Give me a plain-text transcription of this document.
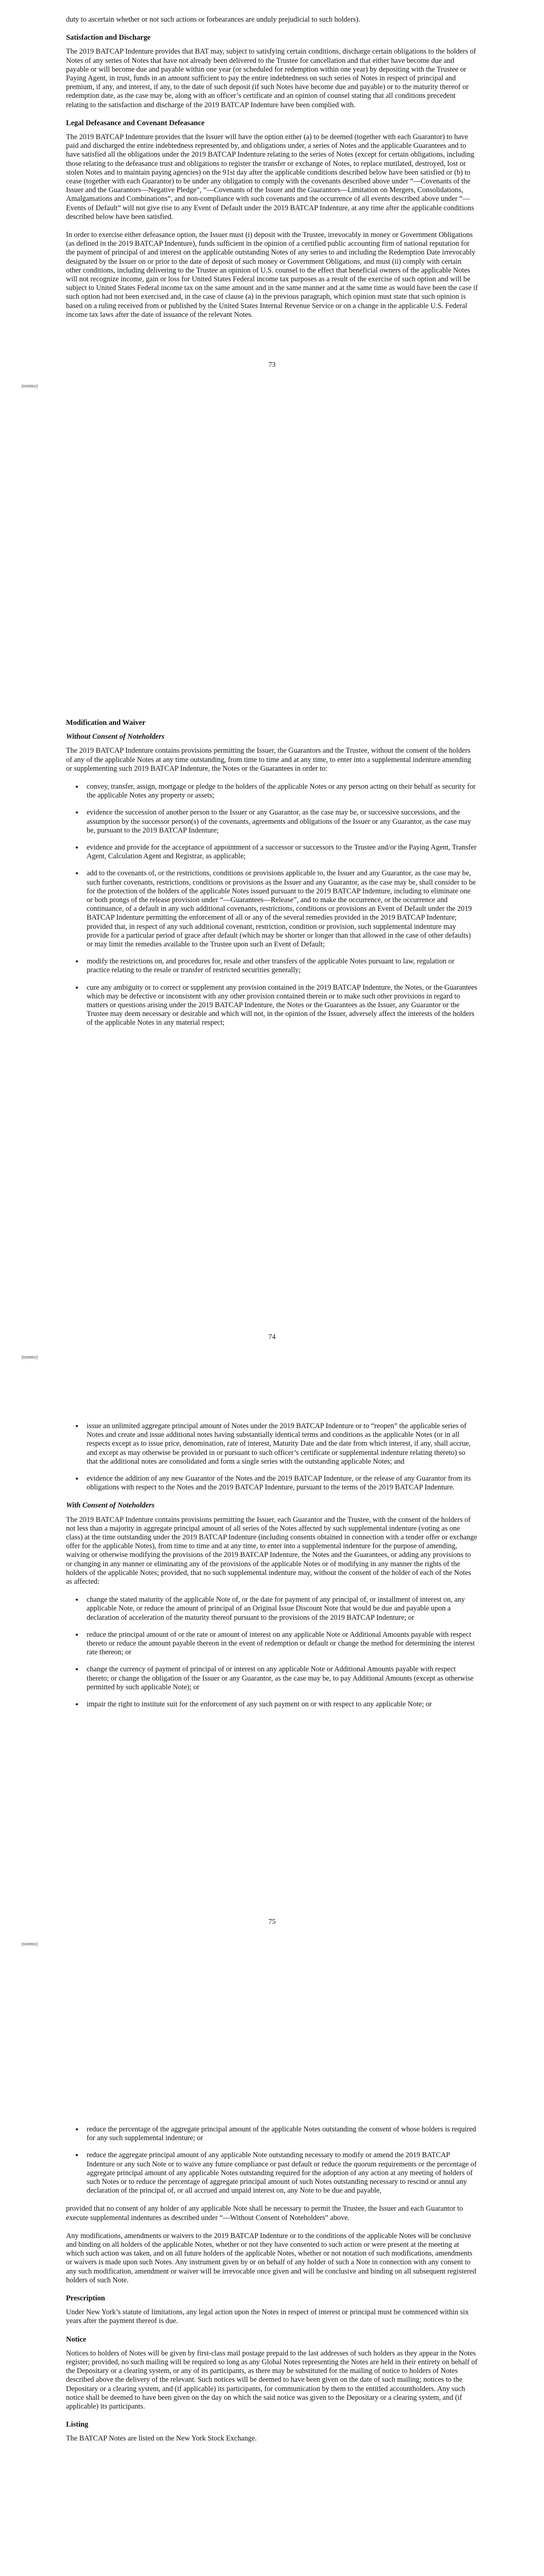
duty to ascertain whether or not such actions or forbearances are unduly prejudicial to such holders).

Satisfaction and Discharge

The 2019 BATCAP Indenture provides that BAT may, subject to satisfying certain conditions, discharge certain obligations to the holders of Notes of any series of Notes that have not already been delivered to the Trustee for cancellation and that either have become due and payable or will become due and payable within one year (or scheduled for redemption within one year) by depositing with the Trustee or Paying Agent, in trust, funds in an amount sufficient to pay the entire indebtedness on such series of Notes in respect of principal and premium, if any, and interest, if any, to the date of such deposit (if such Notes have become due and payable) or to the maturity thereof or redemption date, as the case may be, along with an officer’s certificate and an opinion of counsel stating that all conditions precedent relating to the satisfaction and discharge of the 2019 BATCAP Indenture have been complied with.

Legal Defeasance and Covenant Defeasance

The 2019 BATCAP Indenture provides that the Issuer will have the option either (a) to be deemed (together with each Guarantor) to have paid and discharged the entire indebtedness represented by, and obligations under, a series of Notes and the applicable Guarantees and to have satisfied all the obligations under the 2019 BATCAP Indenture relating to the series of Notes (except for certain obligations, including those relating to the defeasance trust and obligations to register the transfer or exchange of Notes, to replace mutilated, destroyed, lost or stolen Notes and to maintain paying agencies) on the 91st day after the applicable conditions described below have been satisfied or (b) to cease (together with each Guarantor) to be under any obligation to comply with the covenants described above under “—Covenants of the Issuer and the Guarantors—Negative Pledge”, “—Covenants of the Issuer and the Guarantors—Limitation on Mergers, Consolidations, Amalgamations and Combinations”, and non-compliance with such covenants and the occurrence of all events described above under “—Events of Default” will not give rise to any Event of Default under the 2019 BATCAP Indenture, at any time after the applicable conditions described below have been satisfied.

In order to exercise either defeasance option, the Issuer must (i) deposit with the Trustee, irrevocably in money or Government Obligations (as defined in the 2019 BATCAP Indenture), funds sufficient in the opinion of a certified public accounting firm of national reputation for the payment of principal of and interest on the applicable outstanding Notes of any series to and including the Redemption Date irrevocably designated by the Issuer on or prior to the date of deposit of such money or Government Obligations, and must (ii) comply with certain other conditions, including delivering to the Trustee an opinion of U.S. counsel to the effect that beneficial owners of the applicable Notes will not recognize income, gain or loss for United States Federal income tax purposes as a result of the exercise of such option and will be subject to United States Federal income tax on the same amount and in the same manner and at the same time as would have been the case if such option had not been exercised and, in the case of clause (a) in the previous paragraph, which opinion must state that such opinion is based on a ruling received from or published by the United States Internal Revenue Service or on a change in the applicable U.S. Federal income tax laws after the date of issuance of the relevant Notes.

73
[6099902]
Modification and Waiver
Without Consent of Noteholders

The 2019 BATCAP Indenture contains provisions permitting the Issuer, the Guarantors and the Trustee, without the consent of the holders of any of the applicable Notes at any time outstanding, from time to time and at any time, to enter into a supplemental indenture amending or supplementing such 2019 BATCAP Indenture, the Notes or the Guarantees in order to:

• convey, transfer, assign, mortgage or pledge to the holders of the applicable Notes or any person acting on their behalf as security for the applicable Notes any property or assets;
• evidence the succession of another person to the Issuer or any Guarantor, as the case may be, or successive successions, and the assumption by the successor person(s) of the covenants, agreements and obligations of the Issuer or any Guarantor, as the case may be, pursuant to the 2019 BATCAP Indenture;
• evidence and provide for the acceptance of appointment of a successor or successors to the Trustee and/or the Paying Agent, Transfer Agent, Calculation Agent and Registrar, as applicable;
• add to the covenants of, or the restrictions, conditions or provisions applicable to, the Issuer and any Guarantor, as the case may be, such further covenants, restrictions, conditions or provisions as the Issuer and any Guarantor, as the case may be, shall consider to be for the protection of the holders of the applicable Notes issued pursuant to the 2019 BATCAP Indenture, including to eliminate one or both prongs of the release provision under “—Guarantees—Release”, and to make the occurrence, or the occurrence and continuance, of a default in any such additional covenants, restrictions, conditions or provisions an Event of Default under the 2019 BATCAP Indenture permitting the enforcement of all or any of the several remedies provided in the 2019 BATCAP Indenture; provided that, in respect of any such additional covenant, restriction, condition or provision, such supplemental indenture may provide for a particular period of grace after default (which may be shorter or longer than that allowed in the case of other defaults) or may limit the remedies available to the Trustee upon such an Event of Default;
• modify the restrictions on, and procedures for, resale and other transfers of the applicable Notes pursuant to law, regulation or practice relating to the resale or transfer of restricted securities generally;
• cure any ambiguity or to correct or supplement any provision contained in the 2019 BATCAP Indenture, the Notes, or the Guarantees which may be defective or inconsistent with any other provision contained therein or to make such other provisions in regard to matters or questions arising under the 2019 BATCAP Indenture, the Notes or the Guarantees as the Issuer, any Guarantor or the Trustee may deem necessary or desirable and which will not, in the opinion of the Issuer, adversely affect the interests of the holders of the applicable Notes in any material respect;
74
[6099902]
• issue an unlimited aggregate principal amount of Notes under the 2019 BATCAP Indenture or to “reopen” the applicable series of Notes and create and issue additional notes having substantially identical terms and conditions as the applicable Notes (or in all respects except as to issue price, denomination, rate of interest, Maturity Date and the date from which interest, if any, shall accrue, and except as may otherwise be provided in or pursuant to such officer’s certificate or supplemental indenture relating thereto) so that the additional notes are consolidated and form a single series with the outstanding applicable Notes; and
• evidence the addition of any new Guarantor of the Notes and the 2019 BATCAP Indenture, or the release of any Guarantor from its obligations with respect to the Notes and the 2019 BATCAP Indenture, pursuant to the terms of the 2019 BATCAP Indenture.
With Consent of Noteholders

The 2019 BATCAP Indenture contains provisions permitting the Issuer, each Guarantor and the Trustee, with the consent of the holders of not less than a majority in aggregate principal amount of all series of the Notes affected by such supplemental indenture (voting as one class) at the time outstanding under the 2019 BATCAP Indenture (including consents obtained in connection with a tender offer or exchange offer for the applicable Notes), from time to time and at any time, to enter into a supplemental indenture for the purpose of amending, waiving or otherwise modifying the provisions of the 2019 BATCAP Indenture, the Notes and the Guarantees, or adding any provisions to or changing in any manner or eliminating any of the provisions of the applicable Notes or of modifying in any manner the rights of the holders of the applicable Notes; provided, that no such supplemental indenture may, without the consent of the holder of each of the Notes as affected:

• change the stated maturity of the applicable Note of, or the date for payment of any principal of, or installment of interest on, any applicable Note, or reduce the amount of principal of an Original Issue Discount Note that would be due and payable upon a declaration of acceleration of the maturity thereof pursuant to the provisions of the 2019 BATCAP Indenture; or
• reduce the principal amount of or the rate or amount of interest on any applicable Note or Additional Amounts payable with respect thereto or reduce the amount payable thereon in the event of redemption or default or change the method for determining the interest rate thereon; or
• change the currency of payment of principal of or interest on any applicable Note or Additional Amounts payable with respect thereto; or change the obligation of the Issuer or any Guarantor, as the case may be, to pay Additional Amounts (except as otherwise permitted by such applicable Note); or
• impair the right to institute suit for the enforcement of any such payment on or with respect to any applicable Note; or
75
[6099902]
• reduce the percentage of the aggregate principal amount of the applicable Notes outstanding the consent of whose holders is required for any such supplemental indenture; or
• reduce the aggregate principal amount of any applicable Note outstanding necessary to modify or amend the 2019 BATCAP Indenture or any such Note or to waive any future compliance or past default or reduce the quorum requirements or the percentage of aggregate principal amount of any applicable Notes outstanding required for the adoption of any action at any meeting of holders of such Notes or to reduce the percentage of aggregate principal amount of such Notes outstanding necessary to rescind or annul any declaration of the principal of, or all accrued and unpaid interest on, any Note to be due and payable,

provided that no consent of any holder of any applicable Note shall be necessary to permit the Trustee, the Issuer and each Guarantor to execute supplemental indentures as described under “—Without Consent of Noteholders” above.

Any modifications, amendments or waivers to the 2019 BATCAP Indenture or to the conditions of the applicable Notes will be conclusive and binding on all holders of the applicable Notes, whether or not they have consented to such action or were present at the meeting at which such action was taken, and on all future holders of the applicable Notes, whether or not notation of such modifications, amendments or waivers is made upon such Notes. Any instrument given by or on behalf of any holder of such a Note in connection with any consent to any such modification, amendment or waiver will be irrevocable once given and will be conclusive and binding on all subsequent registered holders of such Note.

Prescription

Under New York’s statute of limitations, any legal action upon the Notes in respect of interest or principal must be commenced within six years after the payment thereof is due.

Notice

Notices to holders of Notes will be given by first-class mail postage prepaid to the last addresses of such holders as they appear in the Notes register; provided, no such mailing will be required so long as any Global Notes representing the Notes are held in their entirety on behalf of the Depositary or a clearing system, or any of its participants, as there may be substituted for the mailing of notice to holders of Notes described above the delivery of the relevant. Such notices will be deemed to have been given on the date of such mailing; notices to the Depositary or a clearing system, and (if applicable) its participants, for communication by them to the entitled accountholders. Any such notice shall be deemed to have been given on the day on which the said notice was given to the Depositary or a clearing system, and (if applicable) its participants.

Listing

The BATCAP Notes are listed on the New York Stock Exchange.
